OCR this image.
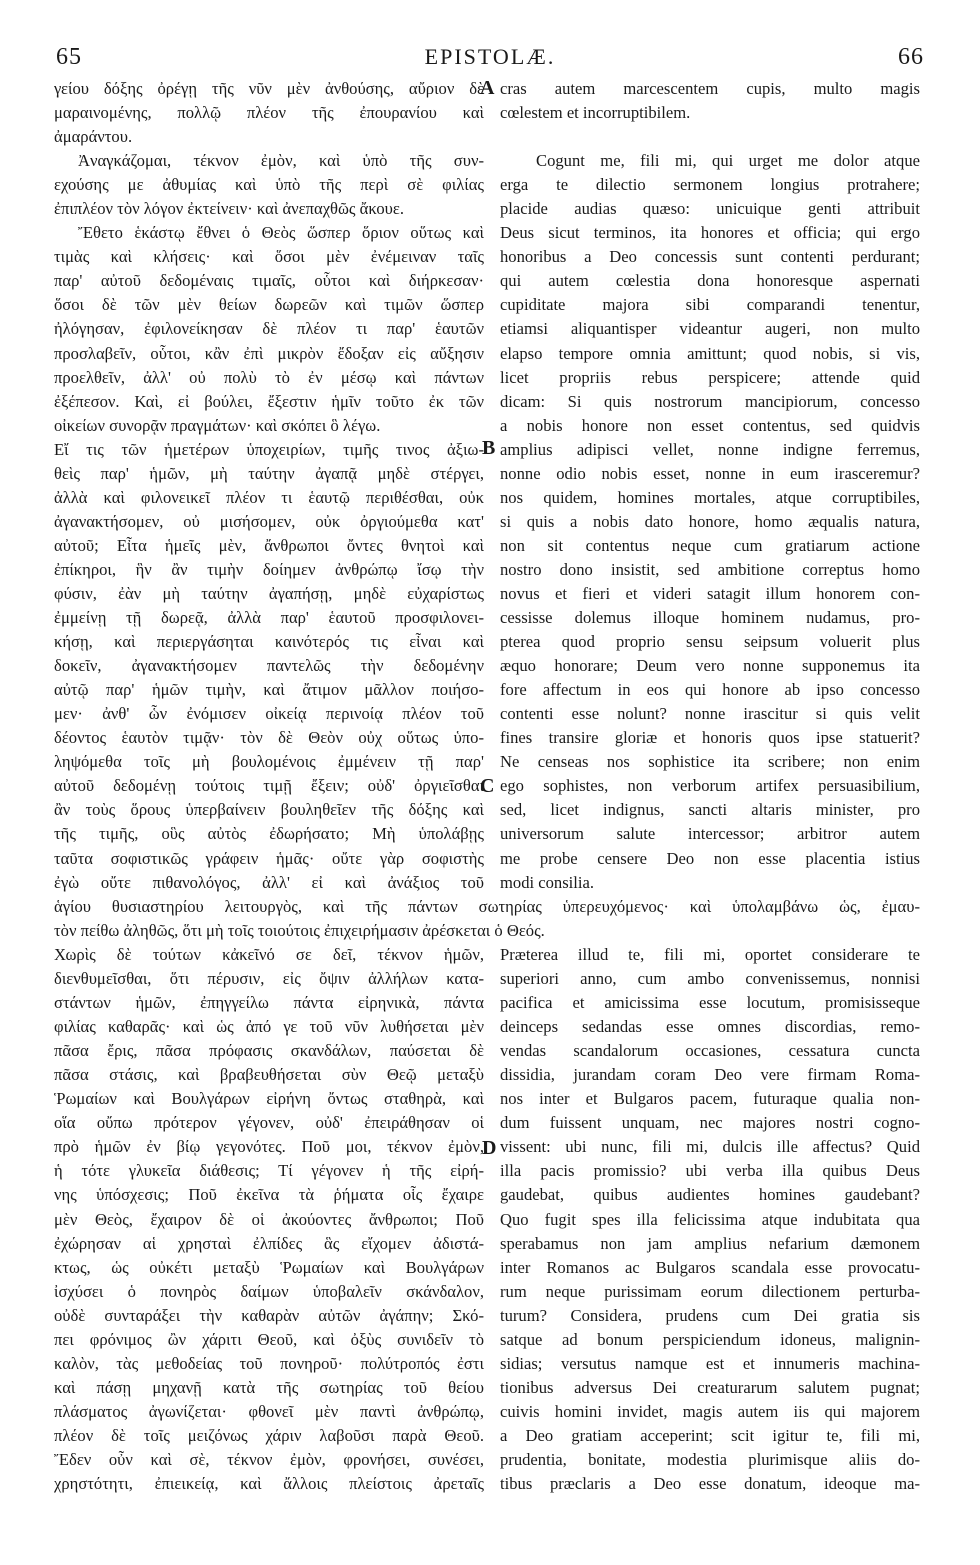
65	EPISTOLÆ.	66
A
B
C
D
γείου δόξης ὀρέγῃ τῆς νῦν μὲν ἀνθούσης, αὔριον δὲ
μαραινομένης, πολλῷ πλέον τῆς ἐπουρανίου καὶ
ἀμαράντου.
Ἀναγκάζομαι, τέκνον ἐμὸν, καὶ ὑπὸ τῆς συν-
εχούσης με ἀθυμίας καὶ ὑπὸ τῆς περὶ σὲ φιλίας
ἐπιπλέον τὸν λόγον ἐκτείνειν· καὶ ἀνεπαχθῶς ἄκουε.
Ἔθετο ἑκάστῳ ἔθνει ὁ Θεὸς ὥσπερ ὅριον οὕτως καὶ
τιμὰς καὶ κλήσεις· καὶ ὅσοι μὲν ἐνέμειναν ταῖς
παρ' αὐτοῦ δεδομέναις τιμαῖς, οὗτοι καὶ διήρκεσαν·
ὅσοι δὲ τῶν μὲν θείων δωρεῶν καὶ τιμῶν ὥσπερ
ἠλόγησαν, ἐφιλονείκησαν δὲ πλέον τι παρ' ἑαυτῶν
προσλαβεῖν, οὗτοι, κἂν ἐπὶ μικρὸν ἔδοξαν εἰς αὔξησιν
προελθεῖν, ἀλλ' οὐ πολὺ τὸ ἐν μέσῳ καὶ πάντων
ἐξέπεσον. Καὶ, εἰ βούλει, ἔξεστιν ἡμῖν τοῦτο ἐκ τῶν
οἰκείων συνορᾷν πραγμάτων· καὶ σκόπει ὃ λέγω.
Εἴ τις τῶν ἡμετέρων ὑποχειρίων, τιμῆς τινος ἀξιω-
θεὶς παρ' ἡμῶν, μὴ ταύτην ἀγαπᾷ μηδὲ στέργει,
ἀλλὰ καὶ φιλονεικεῖ πλέον τι ἑαυτῷ περιθέσθαι, οὐκ
ἀγανακτήσομεν, οὐ μισήσομεν, οὐκ ὀργιούμεθα κατ'
αὐτοῦ; Εἶτα ἡμεῖς μὲν, ἄνθρωποι ὄντες θνητοὶ καὶ
ἐπίκηροι, ἣν ἂν τιμὴν δοίημεν ἀνθρώπῳ ἴσῳ τὴν
φύσιν, ἐὰν μὴ ταύτην ἀγαπήσῃ, μηδὲ εὐχαρίστως
ἐμμείνῃ τῇ δωρεᾷ, ἀλλὰ παρ' ἑαυτοῦ προσφιλονει-
κήσῃ, καὶ περιεργάσηται καινότερός τις εἶναι καὶ
δοκεῖν, ἀγανακτήσομεν παντελῶς τὴν δεδομένην
αὐτῷ παρ' ἡμῶν τιμὴν, καὶ ἄτιμον μᾶλλον ποιήσο-
μεν· ἀνθ' ὧν ἐνόμισεν οἰκείᾳ περινοίᾳ πλέον τοῦ
δέοντος ἑαυτὸν τιμᾷν· τὸν δὲ Θεὸν οὐχ οὕτως ὑπο-
ληψόμεθα τοῖς μὴ βουλομένοις ἐμμένειν τῇ παρ'
αὐτοῦ δεδομένῃ τούτοις τιμῇ ἔξειν; οὐδ' ὀργιεῖσθαι
ἂν τοὺς ὅρους ὑπερβαίνειν βουληθεῖεν τῆς δόξης καὶ
τῆς τιμῆς, οὓς αὐτὸς ἐδωρήσατο; Μὴ ὑπολάβῃς
ταῦτα σοφιστικῶς γράφειν ἡμᾶς· οὔτε γὰρ σοφιστὴς
ἐγὼ οὔτε πιθανολόγος, ἀλλ' εἰ καὶ ἀνάξιος τοῦ
cras autem marcescentem cupis, multo magis
cœlestem et incorruptibilem.
Cogunt me, fili mi, qui urget me dolor atque
erga te dilectio sermonem longius protrahere;
placide audias quæso: unicuique genti attribuit
Deus sicut terminos, ita honores et officia; qui ergo
honoribus a Deo concessis sunt contenti perdurant;
qui autem cœlestia dona honoresque aspernati
cupiditate majora sibi comparandi tenentur,
etiamsi aliquantisper videantur augeri, non multo
elapso tempore omnia amittunt; quod nobis, si vis,
licet propriis rebus perspicere; attende quid
dicam: Si quis nostrorum mancipiorum, concesso
a nobis honore non esset contentus, sed quidvis
amplius adipisci vellet, nonne indigne ferremus,
nonne odio nobis esset, nonne in eum irasceremur?
nos quidem, homines mortales, atque corruptibiles,
si quis a nobis dato honore, homo æqualis natura,
non sit contentus neque cum gratiarum actione
nostro dono insistit, sed ambitione correptus homo
novus et fieri et videri satagit illum honorem con-
cessisse dolemus illoque hominem nudamus, pro-
pterea quod proprio sensu seipsum voluerit plus
æquo honorare; Deum vero nonne supponemus ita
fore affectum in eos qui honore ab ipso concesso
contenti esse nolunt? nonne irascitur si quis velit
fines transire gloriæ et honoris quos ipse statuerit?
Ne censeas nos sophistice ita scribere; non enim
ego sophistes, non verborum artifex persuasibilium,
sed, licet indignus, sancti altaris minister, pro
universorum salute intercessor; arbitror autem
me probe censere Deo non esse placentia istius
modi consilia.
ἁγίου θυσιαστηρίου λειτουργὸς, καὶ τῆς πάντων σωτηρίας ὑπερευχόμενος· καὶ ὑπολαμβάνω ὡς, ἐμαυ-
τὸν πείθω ἀληθῶς, ὅτι μὴ τοῖς τοιούτοις ἐπιχειρήμασιν ἀρέσκεται ὁ Θεός.
Χωρὶς δὲ τούτων κἀκεῖνό σε δεῖ, τέκνον ἡμῶν,
διενθυμεῖσθαι, ὅτι πέρυσιν, εἰς ὄψιν ἀλλήλων κατα-
στάντων ἡμῶν, ἐπηγγείλω πάντα εἰρηνικὰ, πάντα
φιλίας καθαρᾶς· καὶ ὡς ἀπό γε τοῦ νῦν λυθήσεται μὲν
πᾶσα ἔρις, πᾶσα πρόφασις σκανδάλων, παύσεται δὲ
πᾶσα στάσις, καὶ βραβευθήσεται σὺν Θεῷ μεταξὺ
Ῥωμαίων καὶ Βουλγάρων εἰρήνη ὄντως σταθηρὰ, καὶ
οἵα οὔπω πρότερον γέγονεν, οὐδ' ἐπειράθησαν οἱ
πρὸ ἡμῶν ἐν βίῳ γεγονότες. Ποῦ μοι, τέκνον ἐμὸν,
ἡ τότε γλυκεῖα διάθεσις; Τί γέγονεν ἡ τῆς εἰρή-
νης ὑπόσχεσις; Ποῦ ἐκεῖνα τὰ ῥήματα οἷς ἔχαιρε
μὲν Θεὸς, ἔχαιρον δὲ οἱ ἀκούοντες ἄνθρωποι; Ποῦ
ἐχώρησαν αἱ χρησταὶ ἐλπίδες ἃς εἴχομεν ἀδιστά-
κτως, ὡς οὐκέτι μεταξὺ Ῥωμαίων καὶ Βουλγάρων
ἰσχύσει ὁ πονηρὸς δαίμων ὑποβαλεῖν σκάνδαλον,
οὐδὲ συνταράξει τὴν καθαρὰν αὐτῶν ἀγάπην; Σκό-
πει φρόνιμος ὢν χάριτι Θεοῦ, καὶ ὀξὺς συνιδεῖν τὸ
καλὸν, τὰς μεθοδείας τοῦ πονηροῦ· πολύτροπός ἐστι
καὶ πάσῃ μηχανῇ κατὰ τῆς σωτηρίας τοῦ θείου
πλάσματος ἀγωνίζεται· φθονεῖ μὲν παντὶ ἀνθρώπῳ,
πλέον δὲ τοῖς μειζόνως χάριν λαβοῦσι παρὰ Θεοῦ.
Ἔδεν οὖν καὶ σὲ, τέκνον ἐμὸν, φρονήσει, συνέσει,
χρηστότητι, ἐπιεικείᾳ, καὶ ἄλλοις πλείστοις ἀρεταῖς
Præterea illud te, fili mi, oportet considerare te
superiori anno, cum ambo convenissemus, nonnisi
pacifica et amicissima esse locutum, promisisseque
deinceps sedandas esse omnes discordias, remo-
vendas scandalorum occasiones, cessatura cuncta
dissidia, jurandam coram Deo vere firmam Roma-
nos inter et Bulgaros pacem, futuraque qualia non-
dum fuissent unquam, nec majores nostri cogno-
vissent: ubi nunc, fili mi, dulcis ille affectus? Quid
illa pacis promissio? ubi verba illa quibus Deus
gaudebat, quibus audientes homines gaudebant?
Quo fugit spes illa felicissima atque indubitata qua
sperabamus non jam amplius nefarium dæmonem
inter Romanos ac Bulgaros scandala esse provocatu-
rum neque purissimam eorum dilectionem perturba-
turum? Considera, prudens cum Dei gratia sis
satque ad bonum perspiciendum idoneus, malignin-
sidias; versutus namque est et innumeris machina-
tionibus adversus Dei creaturarum salutem pugnat;
cuivis homini invidet, magis autem iis qui majorem
a Deo gratiam acceperint; scit igitur te, fili mi,
prudentia, bonitate, modestia plurimisque aliis do-
tibus præclaris a Deo esse donatum, ideoque ma-
